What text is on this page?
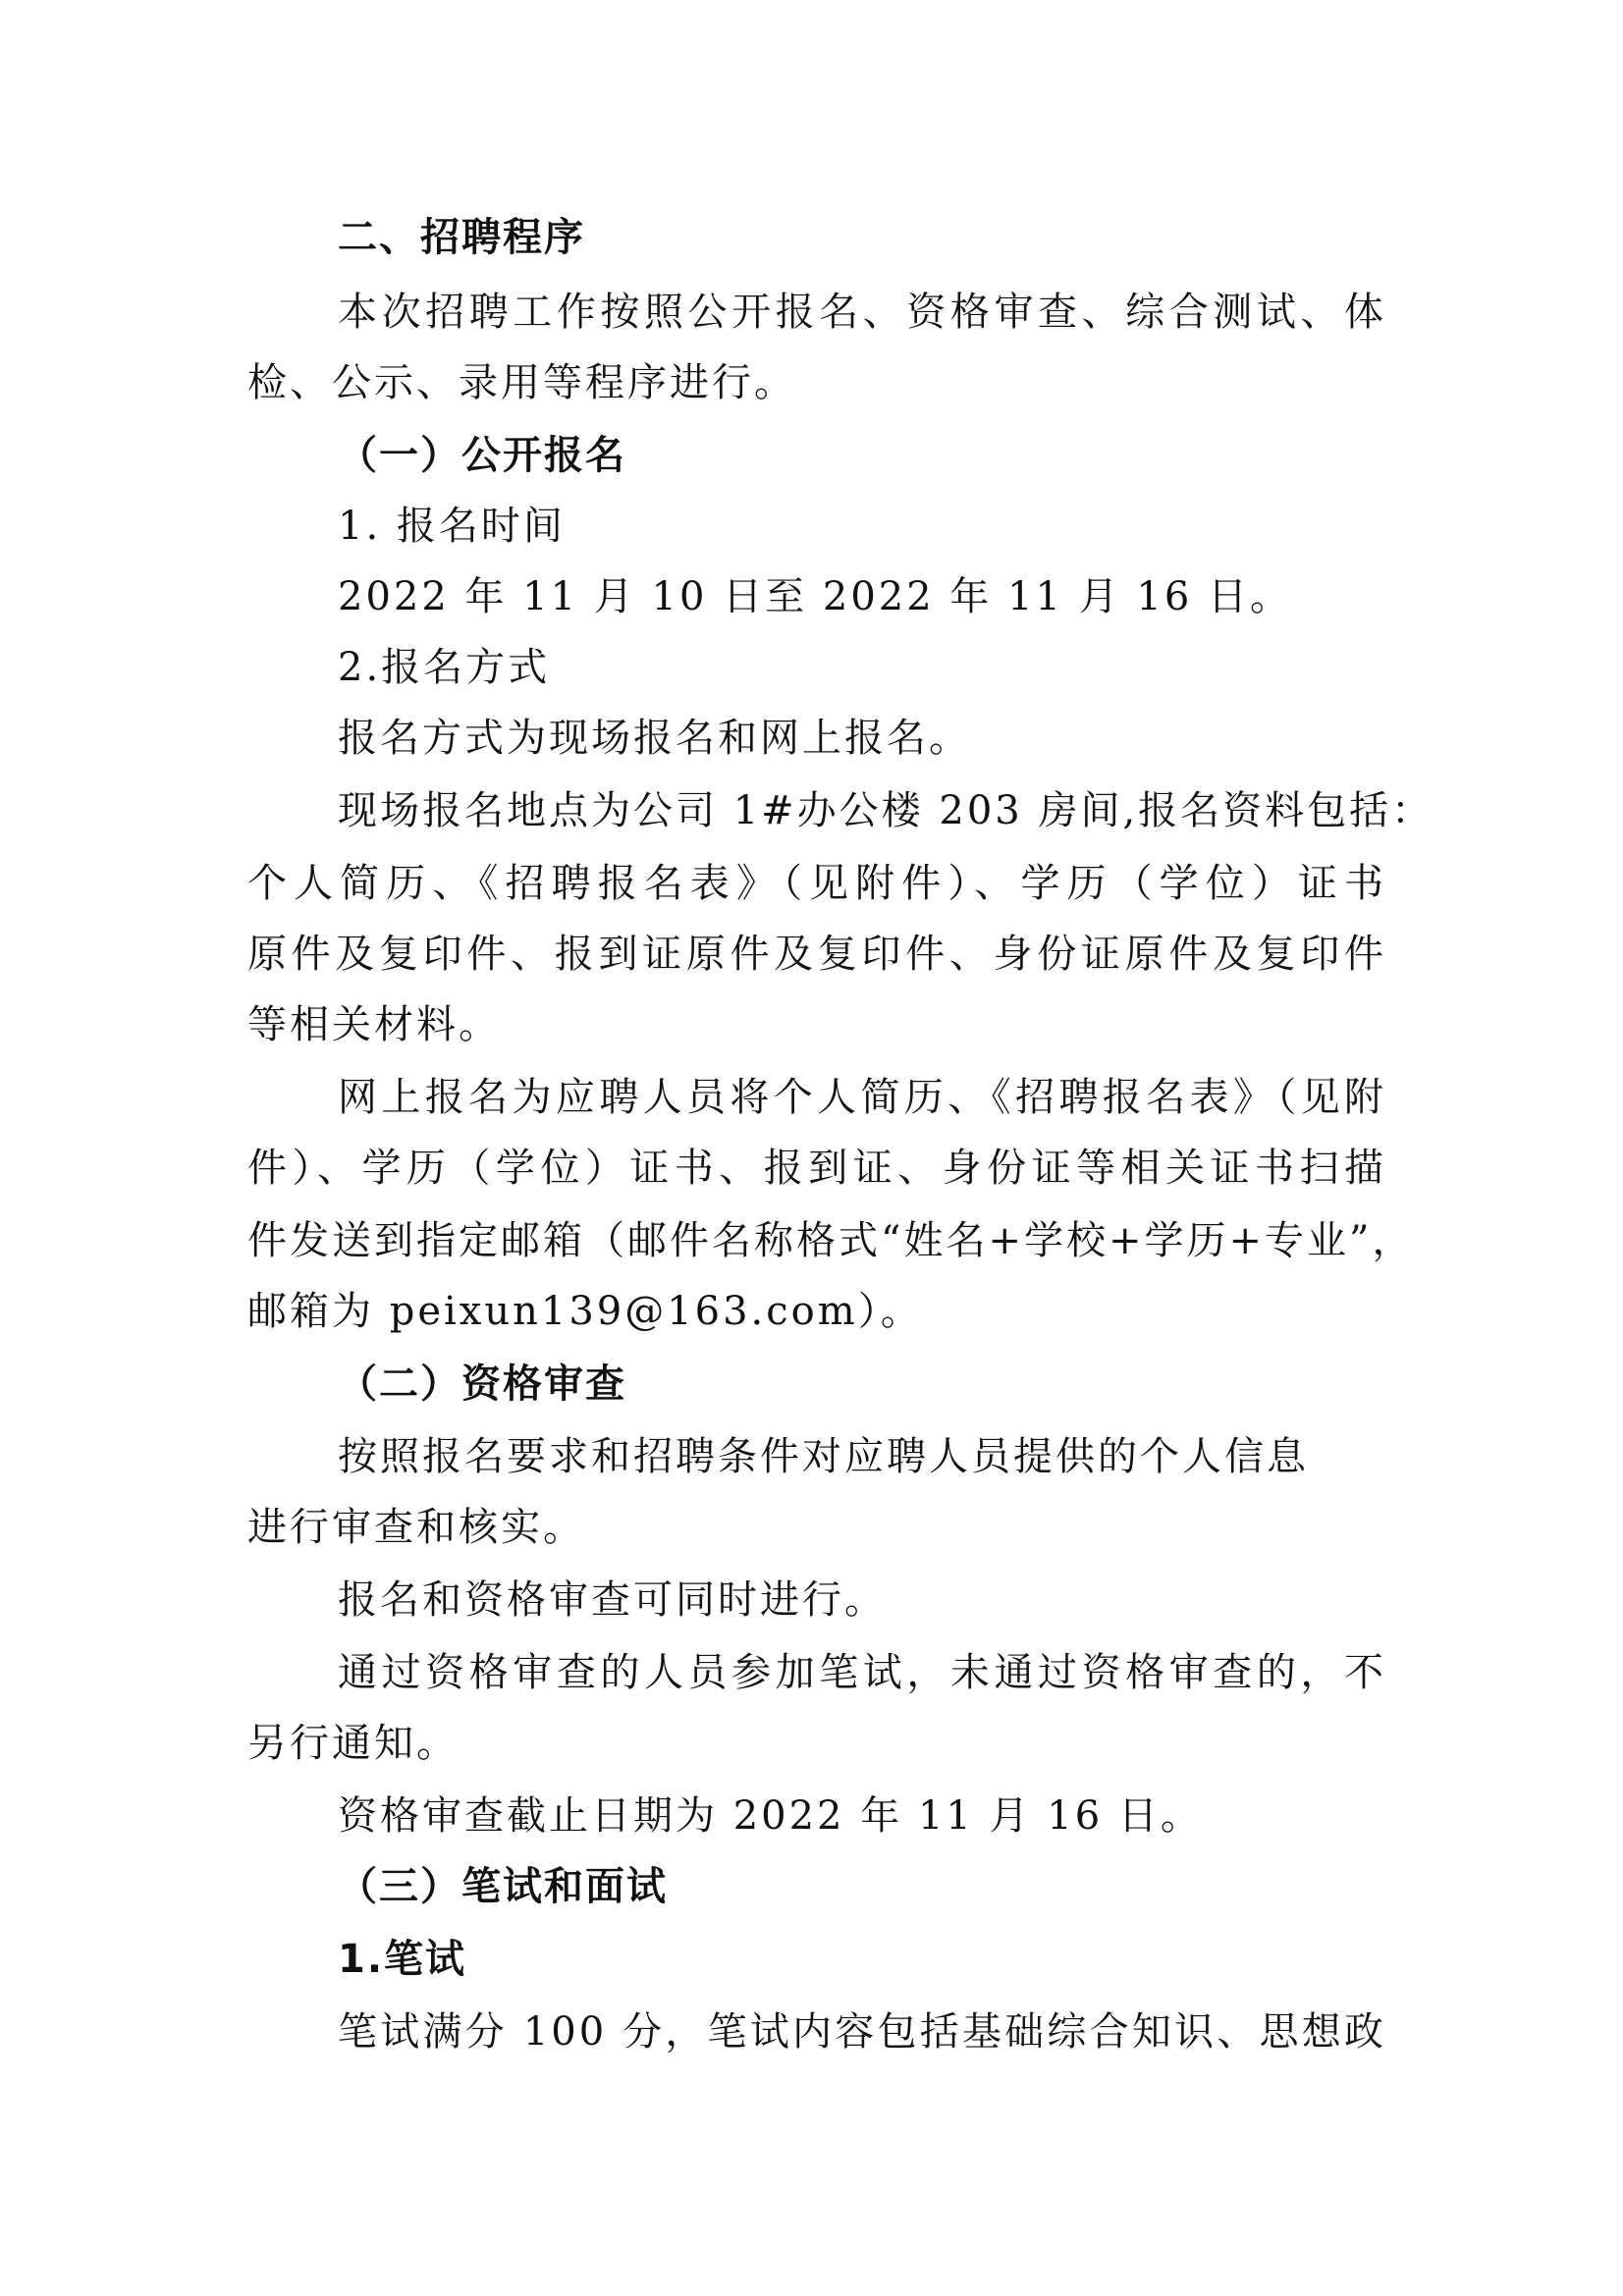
二、招聘程序
本次招聘工作按照公开报名、资格审查、综合测试、体
检、公示、录用等程序进行。
（一）公开报名
1. 报名时间
2022 年 11 月 10 日至 2022 年 11 月 16 日。
2.报名方式
报名方式为现场报名和网上报名。
现场报名地点为公司 1#办公楼 203 房间,报名资料包括：
个人简历、《招聘报名表》（见附件）、学历（学位）证书
原件及复印件、报到证原件及复印件、身份证原件及复印件
等相关材料。
网上报名为应聘人员将个人简历、《招聘报名表》（见附
件）、学历（学位）证书、报到证、身份证等相关证书扫描
件发送到指定邮箱（邮件名称格式“姓名+学校+学历+专业”，
邮箱为 peixun139@163.com）。
（二）资格审查
按照报名要求和招聘条件对应聘人员提供的个人信息
进行审查和核实。
报名和资格审查可同时进行。
通过资格审查的人员参加笔试，未通过资格审查的，不
另行通知。
资格审查截止日期为 2022 年 11 月 16 日。
（三）笔试和面试
1.笔试
笔试满分 100 分，笔试内容包括基础综合知识、思想政
